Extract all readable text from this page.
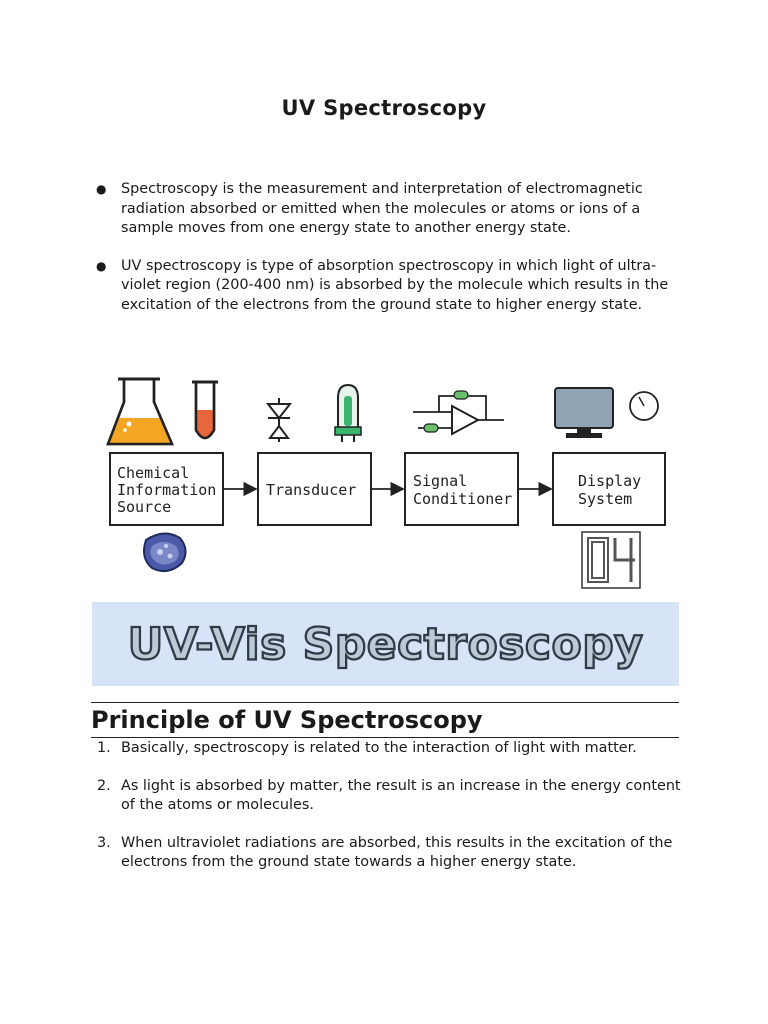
UV Spectroscopy
● Spectroscopy is the measurement and interpretation of electromagnetic radiation absorbed or emitted when the molecules or atoms or ions of a sample moves from one energy state to another energy state.
● UV spectroscopy is type of absorption spectroscopy in which light of ultra-violet region (200-400 nm) is absorbed by the molecule which results in the excitation of the electrons from the ground state to higher energy state.
Chemical
Information
Source
Transducer	Signal
Conditioner
Display
System
UV-Vis Spectroscopy
Principle of UV Spectroscopy
1. Basically, spectroscopy is related to the interaction of light with matter.
2. As light is absorbed by matter, the result is an increase in the energy content of the atoms or molecules.
3. When ultraviolet radiations are absorbed, this results in the excitation of the electrons from the ground state towards a higher energy state.
